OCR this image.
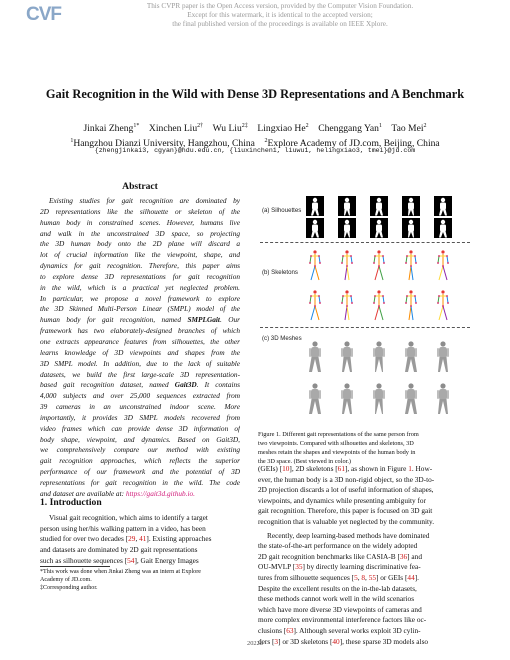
CVF	This CVPR paper is the Open Access version, provided by the Computer Vision Foundation.
Except for this watermark, it is identical to the accepted version;
the final published version of the proceedings is available on IEEE Xplore.
Gait Recognition in the Wild with Dense 3D Representations and A Benchmark
Jinkai Zheng$^{1*}$ Xinchen Liu$^{2\dagger}$ Wu Liu$^{2\ddagger}$ Lingxiao He$^2$ Chenggang Yan$^1$ Tao Mei$^2$
$^1$Hangzhou Dianzi University, Hangzhou, China $^2$Explore Academy of JD.com, Beijing, China
{zhengjinkai3, cgyan}@hdu.edu.cn, {liuxinchen1, liuwu1, helingxiao3, tmei}@jd.com
Abstract
Existing studies for gait recognition are dominated by
2D representations like the silhouette or skeleton of the
human body in constrained scenes. However, humans live
and walk in the unconstrained 3D space, so projecting
the 3D human body onto the 2D plane will discard a
lot of crucial information like the viewpoint, shape, and
dynamics for gait recognition. Therefore, this paper aims
to explore dense 3D representations for gait recognition
in the wild, which is a practical yet neglected problem.
In particular, we propose a novel framework to explore
the 3D Skinned Multi-Person Linear (SMPL) model of the
human body for gait recognition, named SMPLGait. Our
framework has two elaborately-designed branches of which
one extracts appearance features from silhouettes, the other
learns knowledge of 3D viewpoints and shapes from the
3D SMPL model. In addition, due to the lack of suitable
datasets, we build the first large-scale 3D representation-
based gait recognition dataset, named Gait3D. It contains
4,000 subjects and over 25,000 sequences extracted from
39 cameras in an unconstrained indoor scene. More
importantly, it provides 3D SMPL models recovered from
video frames which can provide dense 3D information of
body shape, viewpoint, and dynamics. Based on Gait3D,
we comprehensively compare our method with existing
gait recognition approaches, which reflects the superior
performance of our framework and the potential of 3D
representations for gait recognition in the wild. The code
and dataset are available at: https://gait3d.github.io.
1. Introduction
Visual gait recognition, which aims to identify a target
person using her/his walking pattern in a video, has been
studied for over two decades [29, 41]. Existing approaches
and datasets are dominated by 2D gait representations
such as silhouette sequences [54], Gait Energy Images
*This work was done when Jinkai Zheng was an intern at Explore
Academy of JD.com.
‡Corresponding author.
(a) Silhouettes
(b) Skeletons
(c) 3D Meshes
Figure 1. Different gait representations of the same person from
two viewpoints. Compared with silhouettes and skeletons, 3D
meshes retain the shapes and viewpoints of the human body in
the 3D space. (Best viewed in color.)
(GEIs) [10], 2D skeletons [61], as shown in Figure 1. How-
ever, the human body is a 3D non-rigid object, so the 3D-to-
2D projection discards a lot of useful information of shapes,
viewpoints, and dynamics while presenting ambiguity for
gait recognition. Therefore, this paper is focused on 3D gait
recognition that is valuable yet neglected by the community.
Recently, deep learning-based methods have dominated
the state-of-the-art performance on the widely adopted
2D gait recognition benchmarks like CASIA-B [36] and
OU-MVLP [35] by directly learning discriminative fea-
tures from silhouette sequences [5, 8, 55] or GEIs [44].
Despite the excellent results on the in-the-lab datasets,
these methods cannot work well in the wild scenarios
which have more diverse 3D viewpoints of cameras and
more complex environmental interference factors like oc-
clusions [63]. Although several works exploit 3D cylin-
ders [3] or 3D skeletons [40], these sparse 3D models also
20228
